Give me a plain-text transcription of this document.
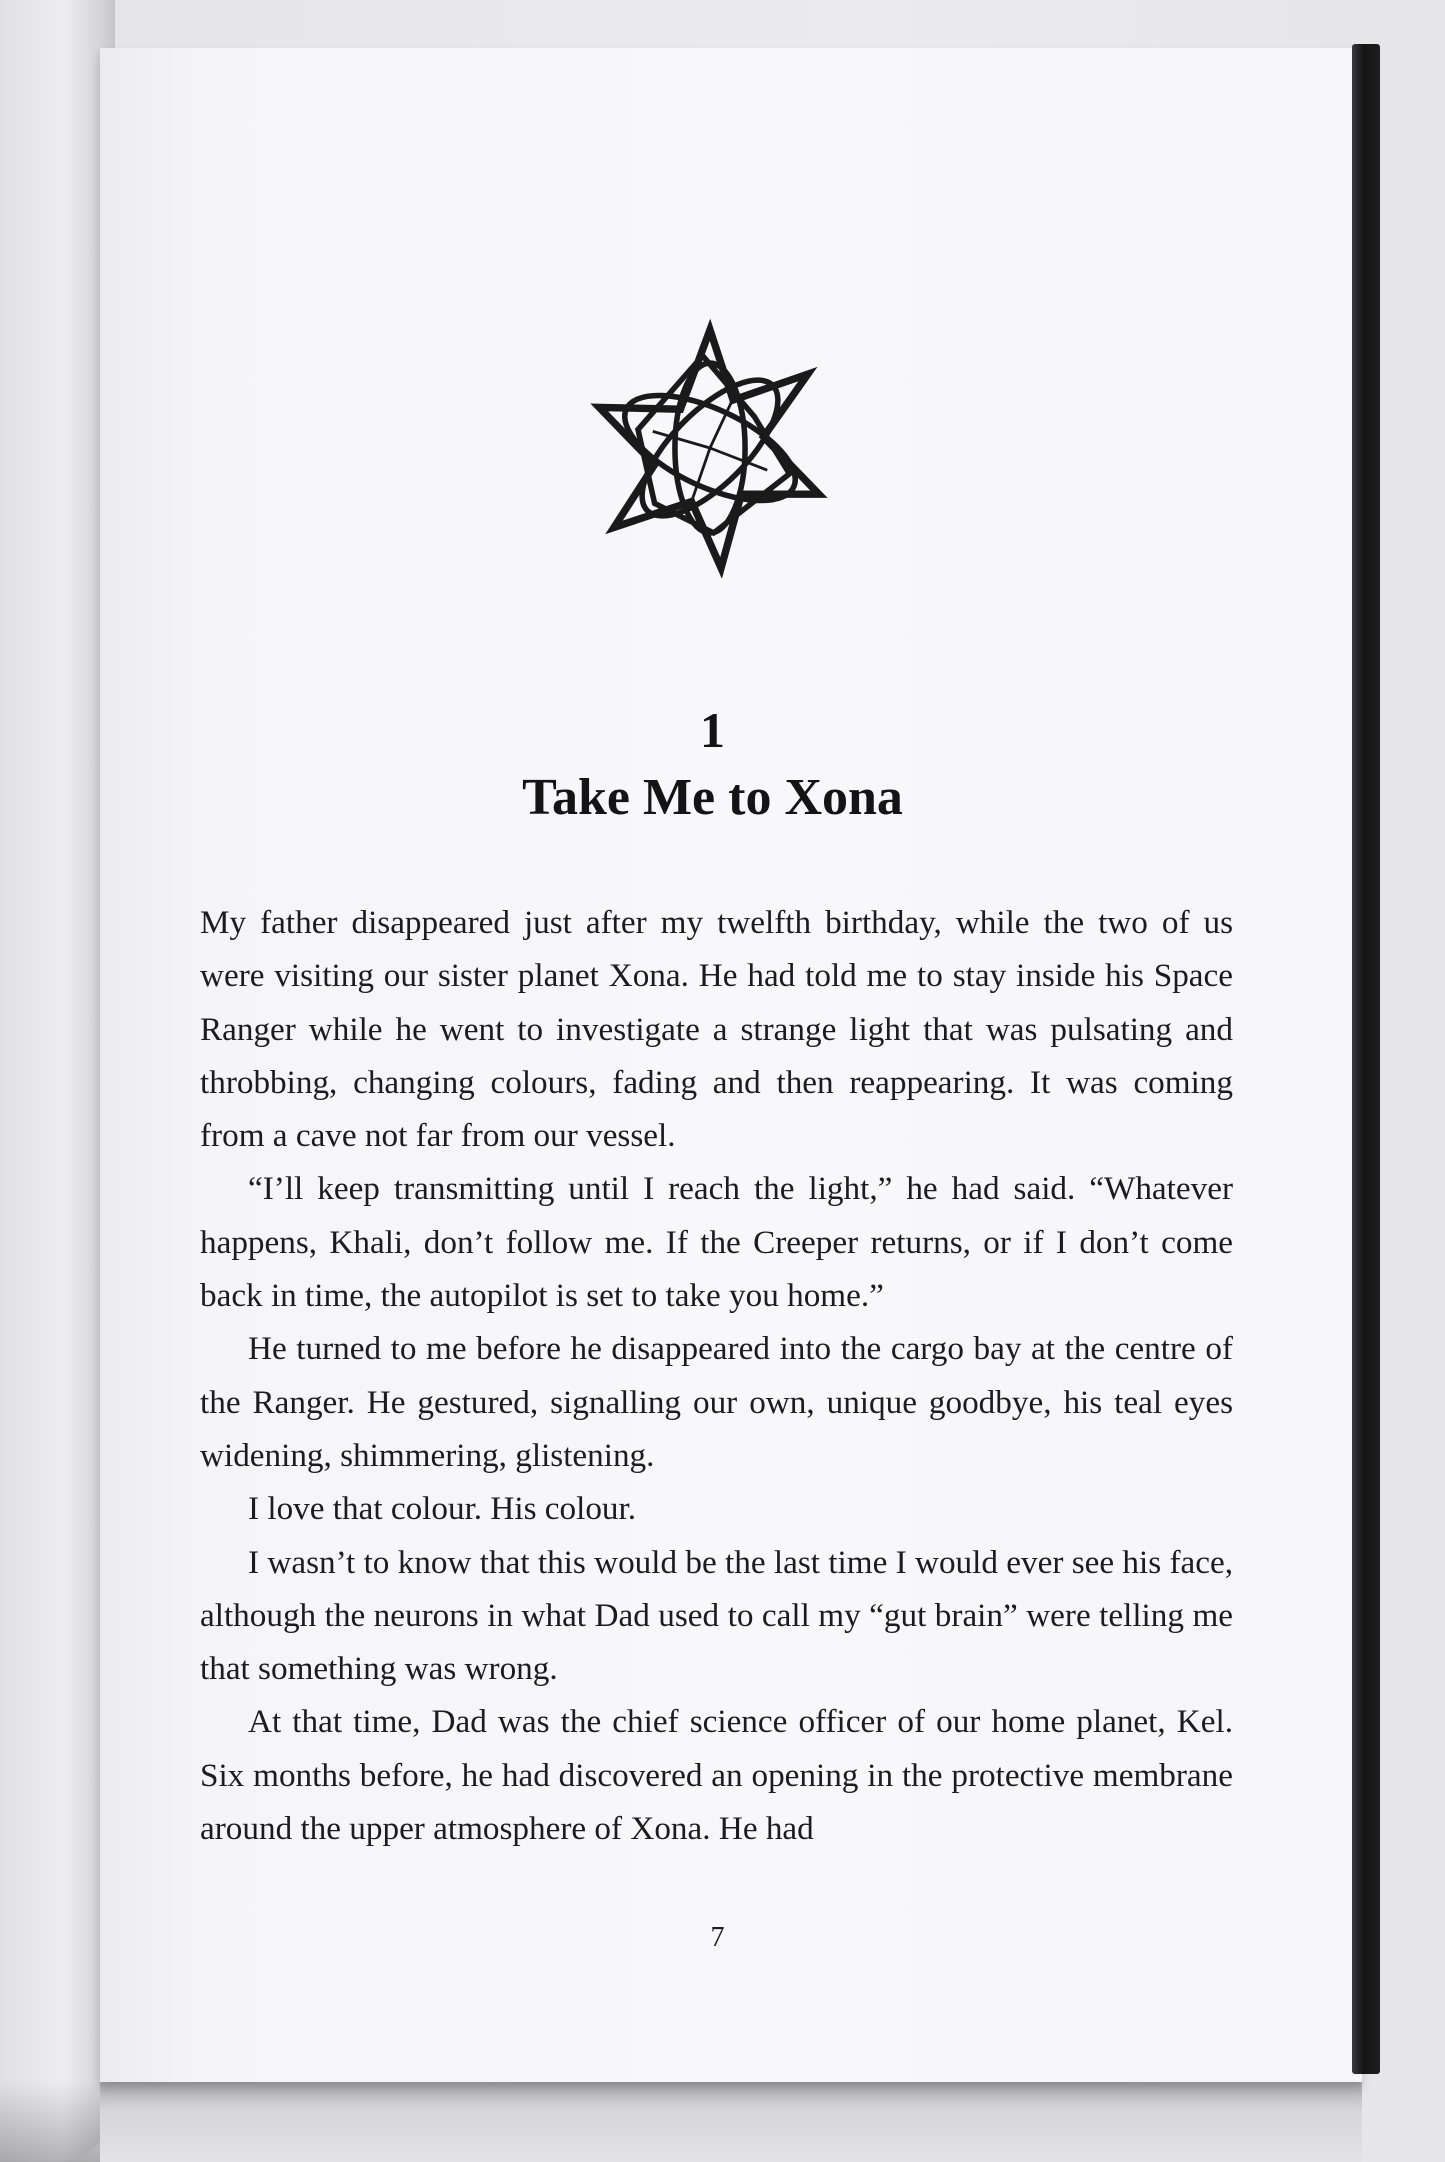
1
Take Me to Xona

My father disappeared just after my twelfth birthday, while the two of us were visiting our sister planet Xona. He had told me to stay inside his Space Ranger while he went to investigate a strange light that was pulsating and throbbing, changing colours, fading and then reappearing. It was coming from a cave not far from our vessel.

“I’ll keep transmitting until I reach the light,” he had said. “Whatever happens, Khali, don’t follow me. If the Creeper returns, or if I don’t come back in time, the autopilot is set to take you home.”

He turned to me before he disappeared into the cargo bay at the centre of the Ranger. He gestured, signalling our own, unique goodbye, his teal eyes widening, shimmering, glistening.

I love that colour. His colour.

I wasn’t to know that this would be the last time I would ever see his face, although the neurons in what Dad used to call my “gut brain” were telling me that something was wrong.

At that time, Dad was the chief science officer of our home planet, Kel. Six months before, he had discovered an opening in the protective membrane around the upper atmosphere of Xona. He had

7
